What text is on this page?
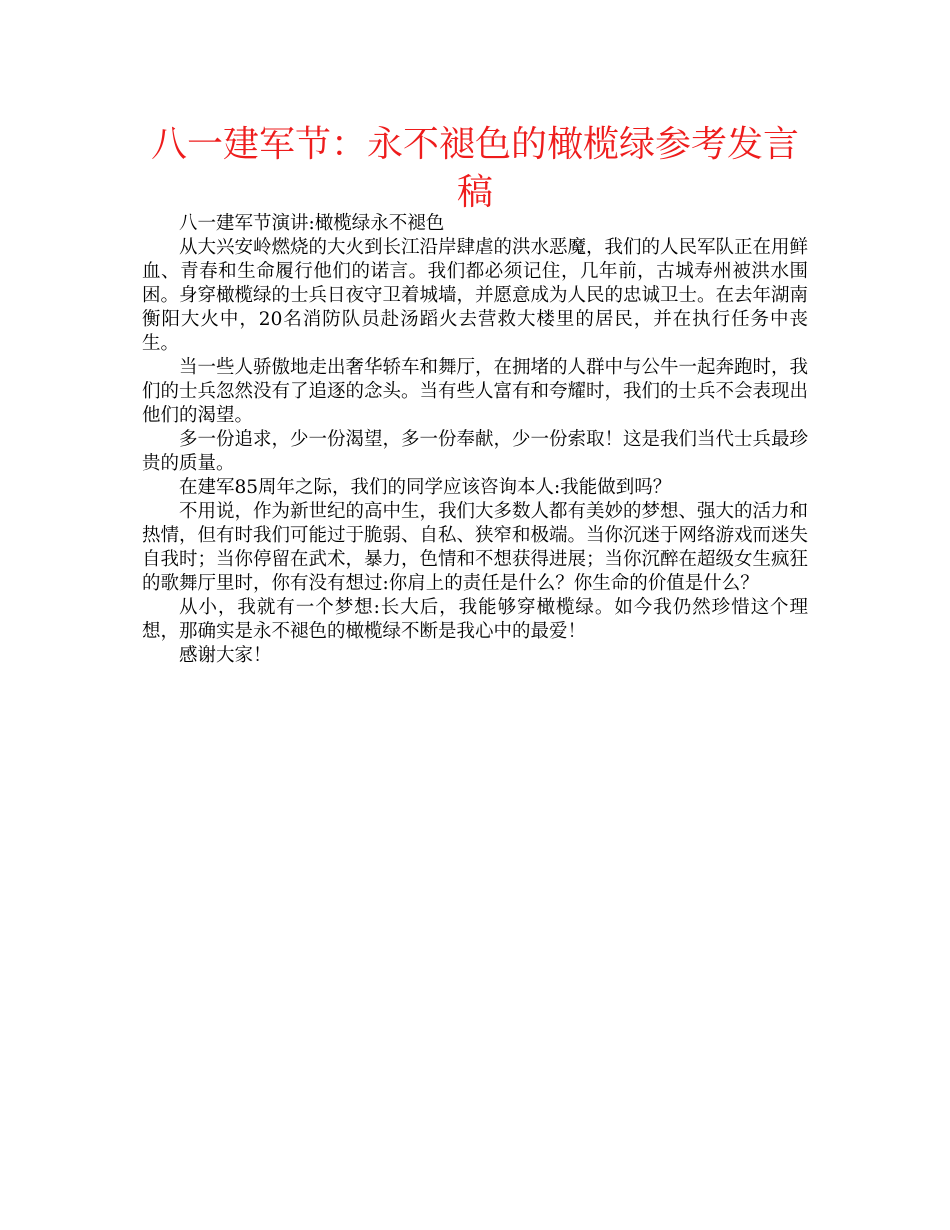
八一建军节：永不褪色的橄榄绿参考发言稿

八一建军节演讲:橄榄绿永不褪色

从大兴安岭燃烧的大火到长江沿岸肆虐的洪水恶魔，我们的人民军队正在用鲜血、青春和生命履行他们的诺言。我们都必须记住，几年前，古城寿州被洪水围困。身穿橄榄绿的士兵日夜守卫着城墙，并愿意成为人民的忠诚卫士。在去年湖南衡阳大火中，20名消防队员赴汤蹈火去营救大楼里的居民，并在执行任务中丧生。

当一些人骄傲地走出奢华轿车和舞厅，在拥堵的人群中与公牛一起奔跑时，我们的士兵忽然没有了追逐的念头。当有些人富有和夸耀时，我们的士兵不会表现出他们的渴望。

多一份追求，少一份渴望，多一份奉献，少一份索取！这是我们当代士兵最珍贵的质量。

在建军85周年之际，我们的同学应该咨询本人:我能做到吗？

不用说，作为新世纪的高中生，我们大多数人都有美妙的梦想、强大的活力和热情，但有时我们可能过于脆弱、自私、狭窄和极端。当你沉迷于网络游戏而迷失自我时；当你停留在武术，暴力，色情和不想获得进展；当你沉醉在超级女生疯狂的歌舞厅里时，你有没有想过:你肩上的责任是什么？你生命的价值是什么？

从小，我就有一个梦想:长大后，我能够穿橄榄绿。如今我仍然珍惜这个理想，那确实是永不褪色的橄榄绿不断是我心中的最爱！

感谢大家！
